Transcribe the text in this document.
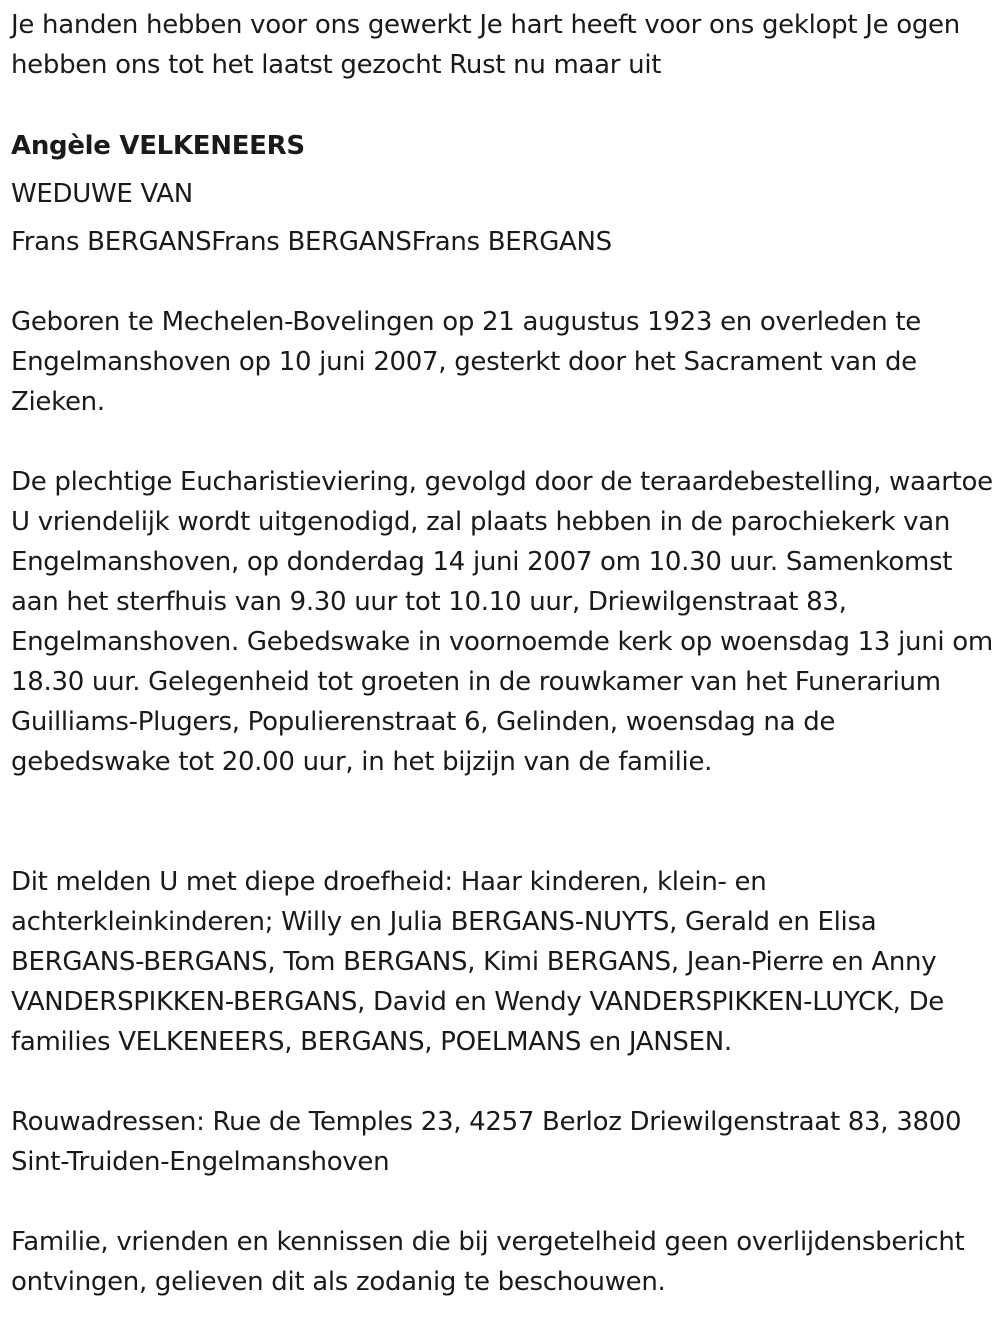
Je handen hebben voor ons gewerkt Je hart heeft voor ons geklopt Je ogen hebben ons tot het laatst gezocht Rust nu maar uit

Angèle VELKENEERS

WEDUWE VAN

Frans BERGANSFrans BERGANSFrans BERGANS

Geboren te Mechelen-Bovelingen op 21 augustus 1923 en overleden te Engelmanshoven op 10 juni 2007, gesterkt door het Sacrament van de Zieken.

De plechtige Eucharistieviering, gevolgd door de teraardebestelling, waartoe U vriendelijk wordt uitgenodigd, zal plaats hebben in de parochiekerk van Engelmanshoven, op donderdag 14 juni 2007 om 10.30 uur. Samenkomst aan het sterfhuis van 9.30 uur tot 10.10 uur, Driewilgenstraat 83, Engelmanshoven. Gebedswake in voornoemde kerk op woensdag 13 juni om 18.30 uur. Gelegenheid tot groeten in de rouwkamer van het Funerarium Guilliams-Plugers, Populierenstraat 6, Gelinden, woensdag na de gebedswake tot 20.00 uur, in het bijzijn van de familie.

Dit melden U met diepe droefheid: Haar kinderen, klein- en achterkleinkinderen; Willy en Julia BERGANS-NUYTS, Gerald en Elisa BERGANS-BERGANS, Tom BERGANS, Kimi BERGANS, Jean-Pierre en Anny VANDERSPIKKEN-BERGANS, David en Wendy VANDERSPIKKEN-LUYCK, De families VELKENEERS, BERGANS, POELMANS en JANSEN.

Rouwadressen: Rue de Temples 23, 4257 Berloz Driewilgenstraat 83, 3800 Sint-Truiden-Engelmanshoven

Familie, vrienden en kennissen die bij vergetelheid geen overlijdensbericht ontvingen, gelieven dit als zodanig te beschouwen.
